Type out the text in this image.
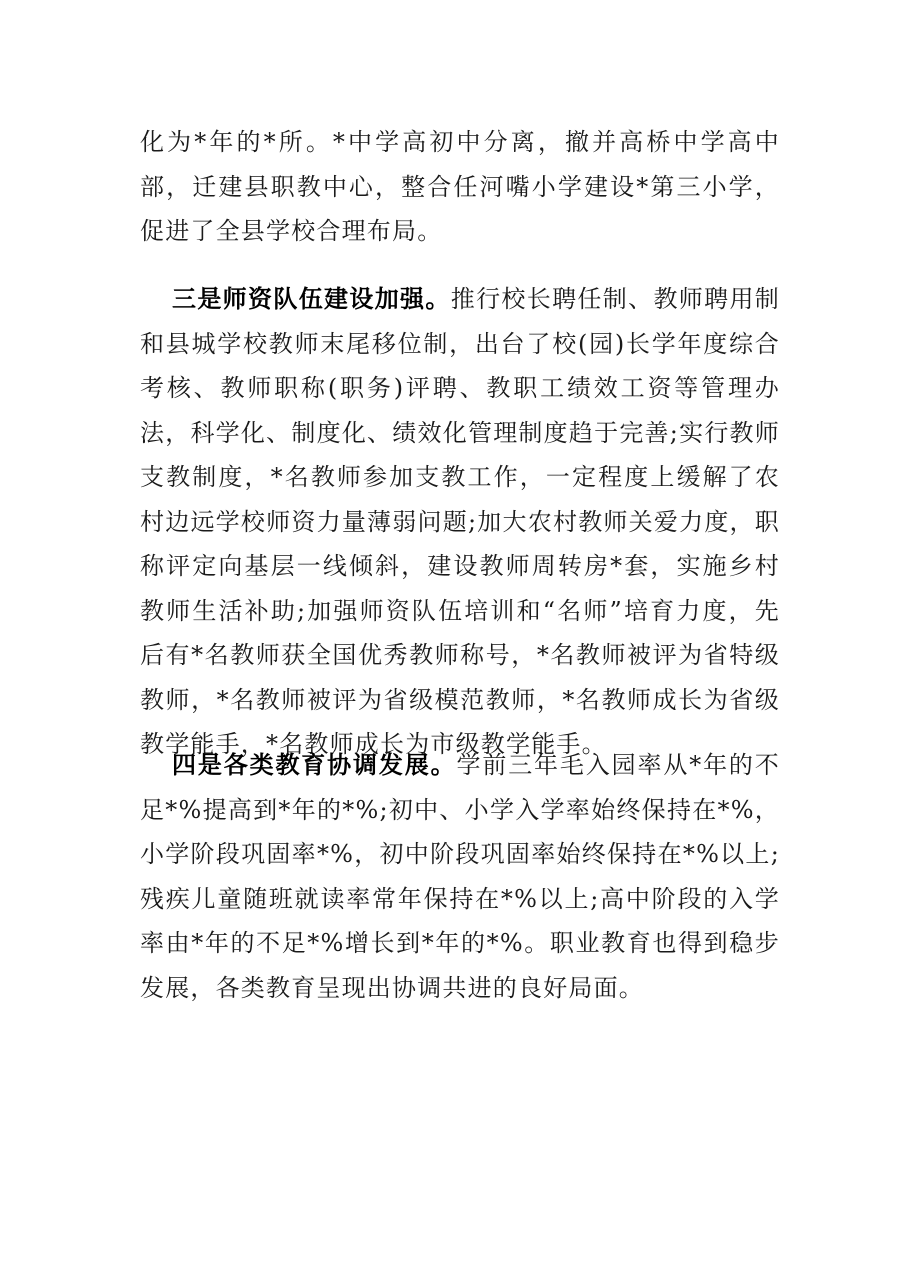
化为*年的*所。*中学高初中分离，撤并高桥中学高中部，迁建县职教中心，整合任河嘴小学建设*第三小学，促进了全县学校合理布局。

三是师资队伍建设加强。推行校长聘任制、教师聘用制和县城学校教师末尾移位制，出台了校(园)长学年度综合考核、教师职称(职务)评聘、教职工绩效工资等管理办法，科学化、制度化、绩效化管理制度趋于完善;实行教师支教制度，*名教师参加支教工作，一定程度上缓解了农村边远学校师资力量薄弱问题;加大农村教师关爱力度，职称评定向基层一线倾斜，建设教师周转房*套，实施乡村教师生活补助;加强师资队伍培训和“名师”培育力度，先后有*名教师获全国优秀教师称号，*名教师被评为省特级教师，*名教师被评为省级模范教师，*名教师成长为省级教学能手，*名教师成长为市级教学能手。

四是各类教育协调发展。学前三年毛入园率从*年的不足*%提高到*年的*%;初中、小学入学率始终保持在*%，小学阶段巩固率*%，初中阶段巩固率始终保持在*%以上;残疾儿童随班就读率常年保持在*%以上;高中阶段的入学率由*年的不足*%增长到*年的*%。职业教育也得到稳步发展，各类教育呈现出协调共进的良好局面。
